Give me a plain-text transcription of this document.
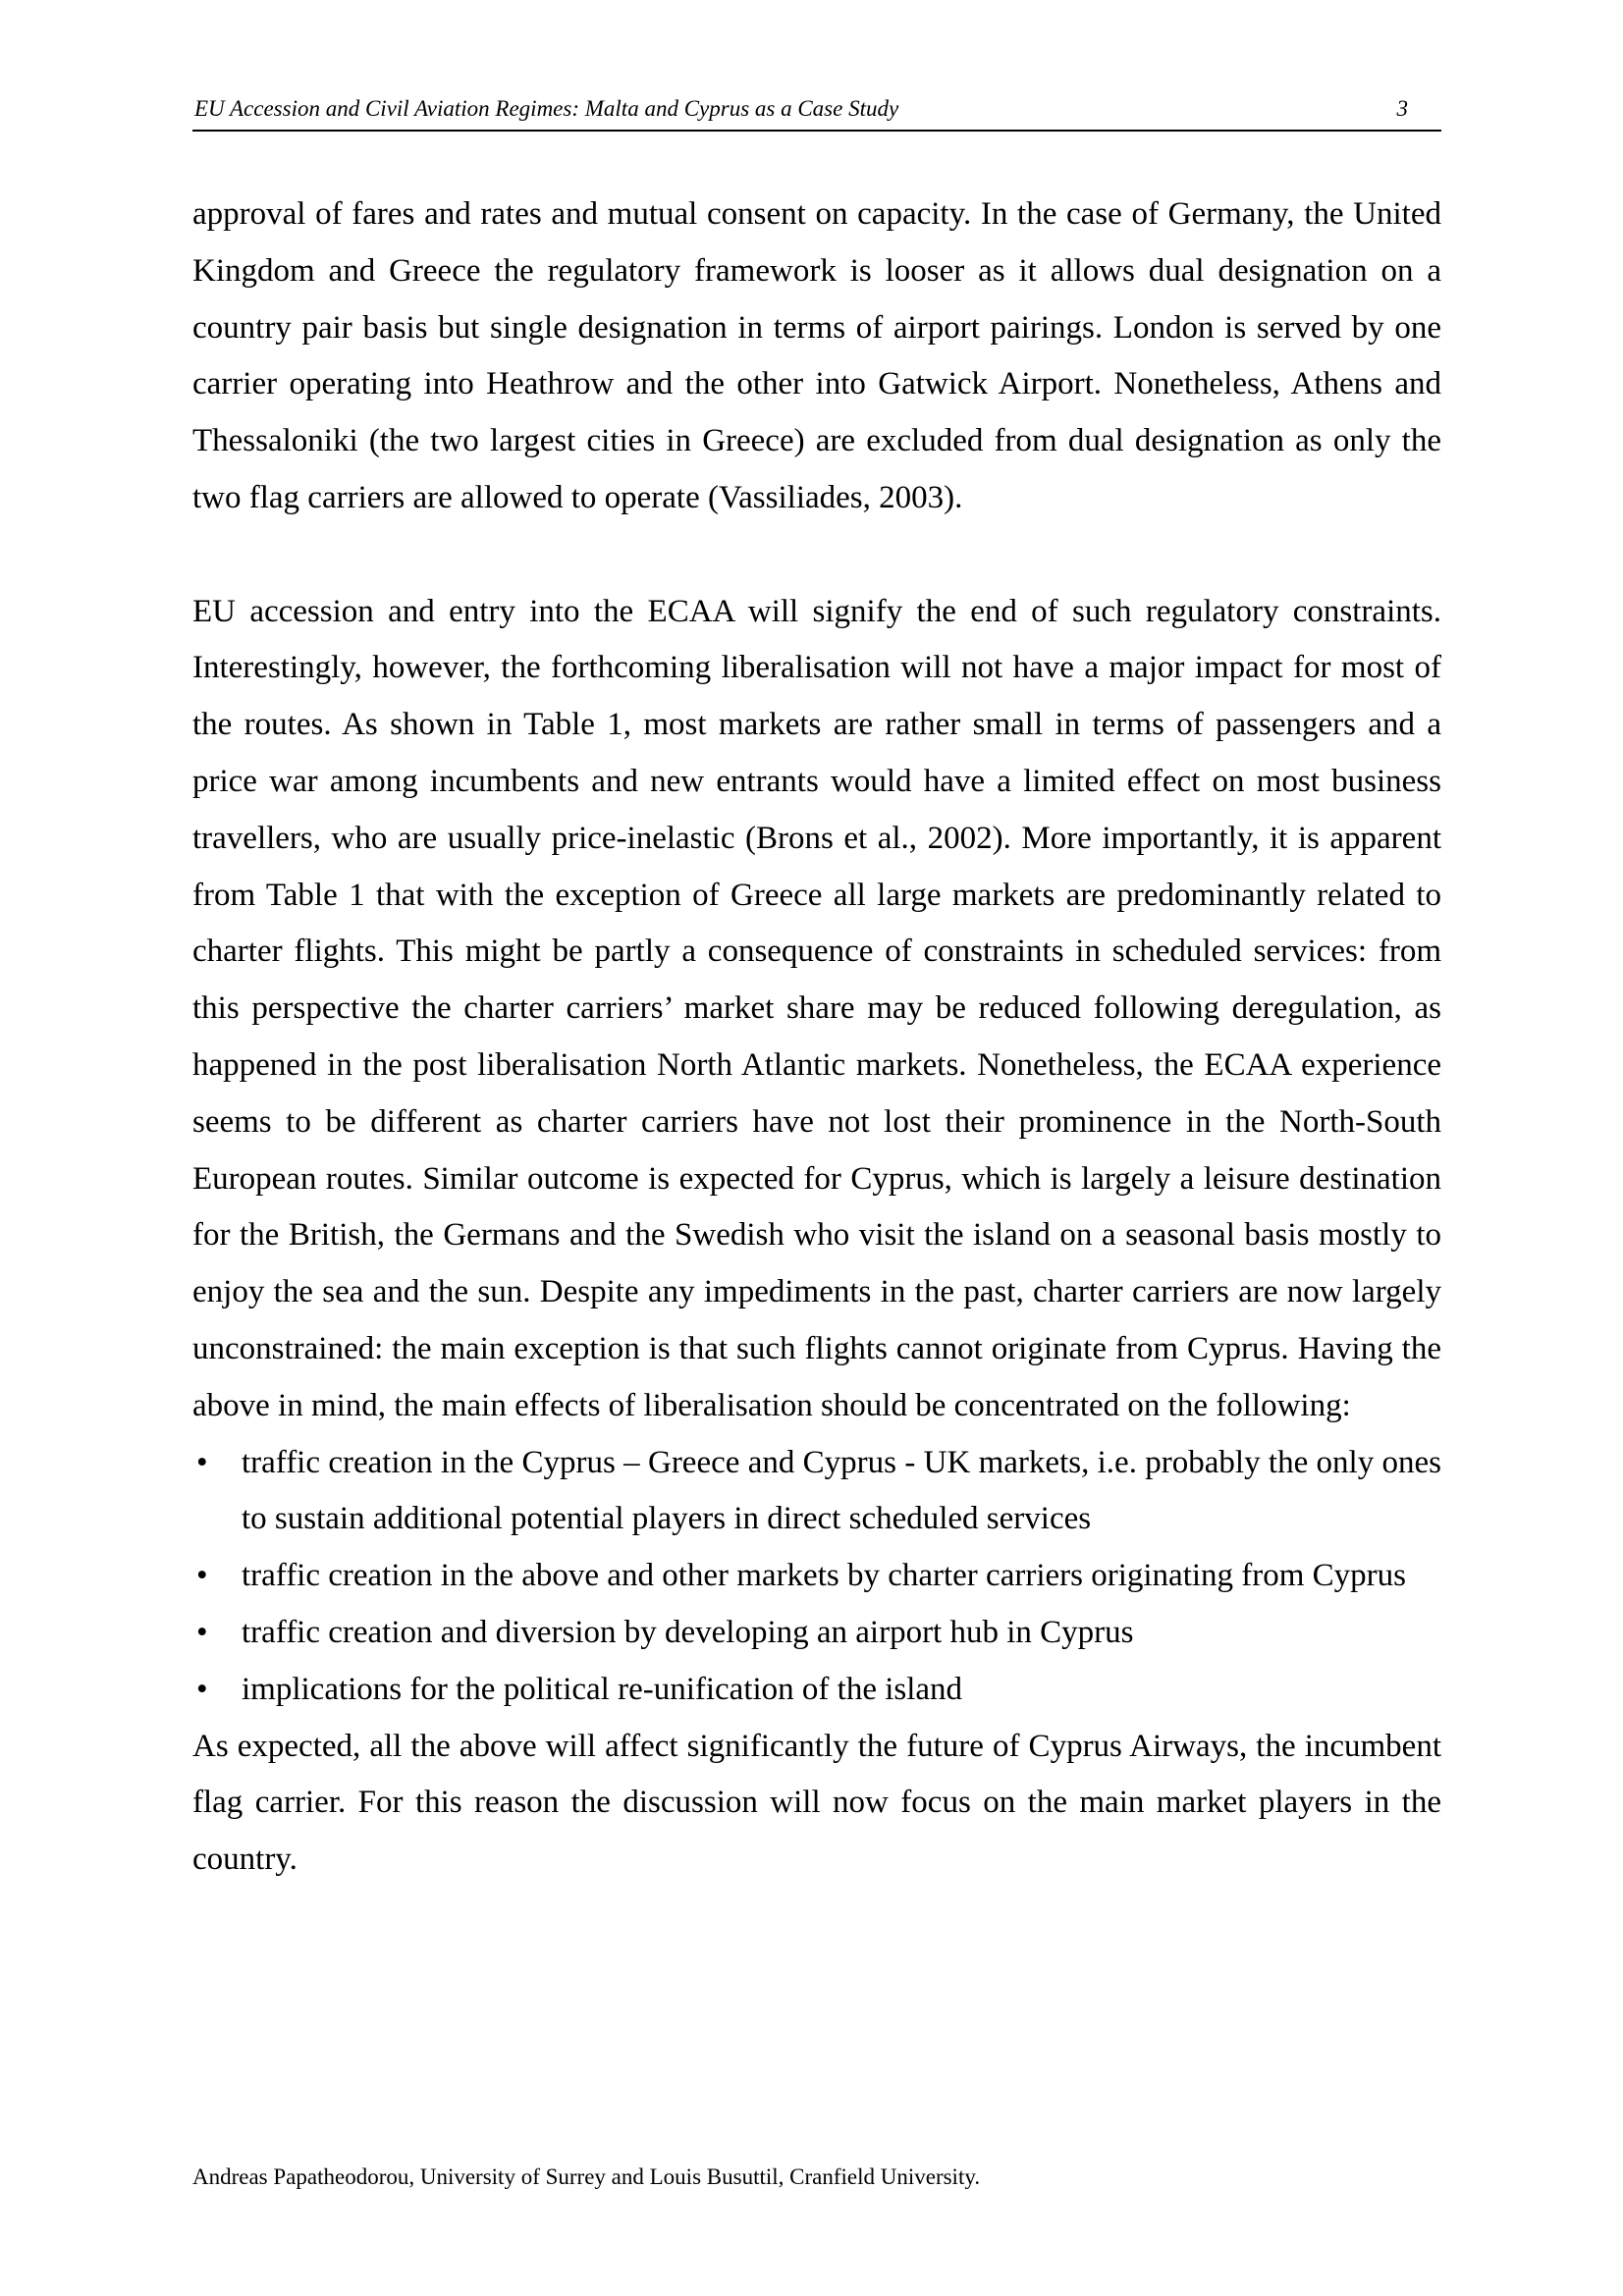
EU Accession and Civil Aviation Regimes: Malta and Cyprus as a Case Study	3

approval of fares and rates and mutual consent on capacity. In the case of Germany, the United Kingdom and Greece the regulatory framework is looser as it allows dual designation on a country pair basis but single designation in terms of airport pairings. London is served by one carrier operating into Heathrow and the other into Gatwick Airport. Nonetheless, Athens and Thessaloniki (the two largest cities in Greece) are excluded from dual designation as only the two flag carriers are allowed to operate (Vassiliades, 2003).

EU accession and entry into the ECAA will signify the end of such regulatory constraints. Interestingly, however, the forthcoming liberalisation will not have a major impact for most of the routes. As shown in Table 1, most markets are rather small in terms of passengers and a price war among incumbents and new entrants would have a limited effect on most business travellers, who are usually price-inelastic (Brons et al., 2002). More importantly, it is apparent from Table 1 that with the exception of Greece all large markets are predominantly related to charter flights. This might be partly a consequence of constraints in scheduled services: from this perspective the charter carriers’ market share may be reduced following deregulation, as happened in the post liberalisation North Atlantic markets. Nonetheless, the ECAA experience seems to be different as charter carriers have not lost their prominence in the North-South European routes. Similar outcome is expected for Cyprus, which is largely a leisure destination for the British, the Germans and the Swedish who visit the island on a seasonal basis mostly to enjoy the sea and the sun. Despite any impediments in the past, charter carriers are now largely unconstrained: the main exception is that such flights cannot originate from Cyprus. Having the above in mind, the main effects of liberalisation should be concentrated on the following:

• traffic creation in the Cyprus – Greece and Cyprus - UK markets, i.e. probably the only ones to sustain additional potential players in direct scheduled services
• traffic creation in the above and other markets by charter carriers originating from Cyprus
• traffic creation and diversion by developing an airport hub in Cyprus
• implications for the political re-unification of the island

As expected, all the above will affect significantly the future of Cyprus Airways, the incumbent flag carrier. For this reason the discussion will now focus on the main market players in the country.

Andreas Papatheodorou, University of Surrey and Louis Busuttil, Cranfield University.
